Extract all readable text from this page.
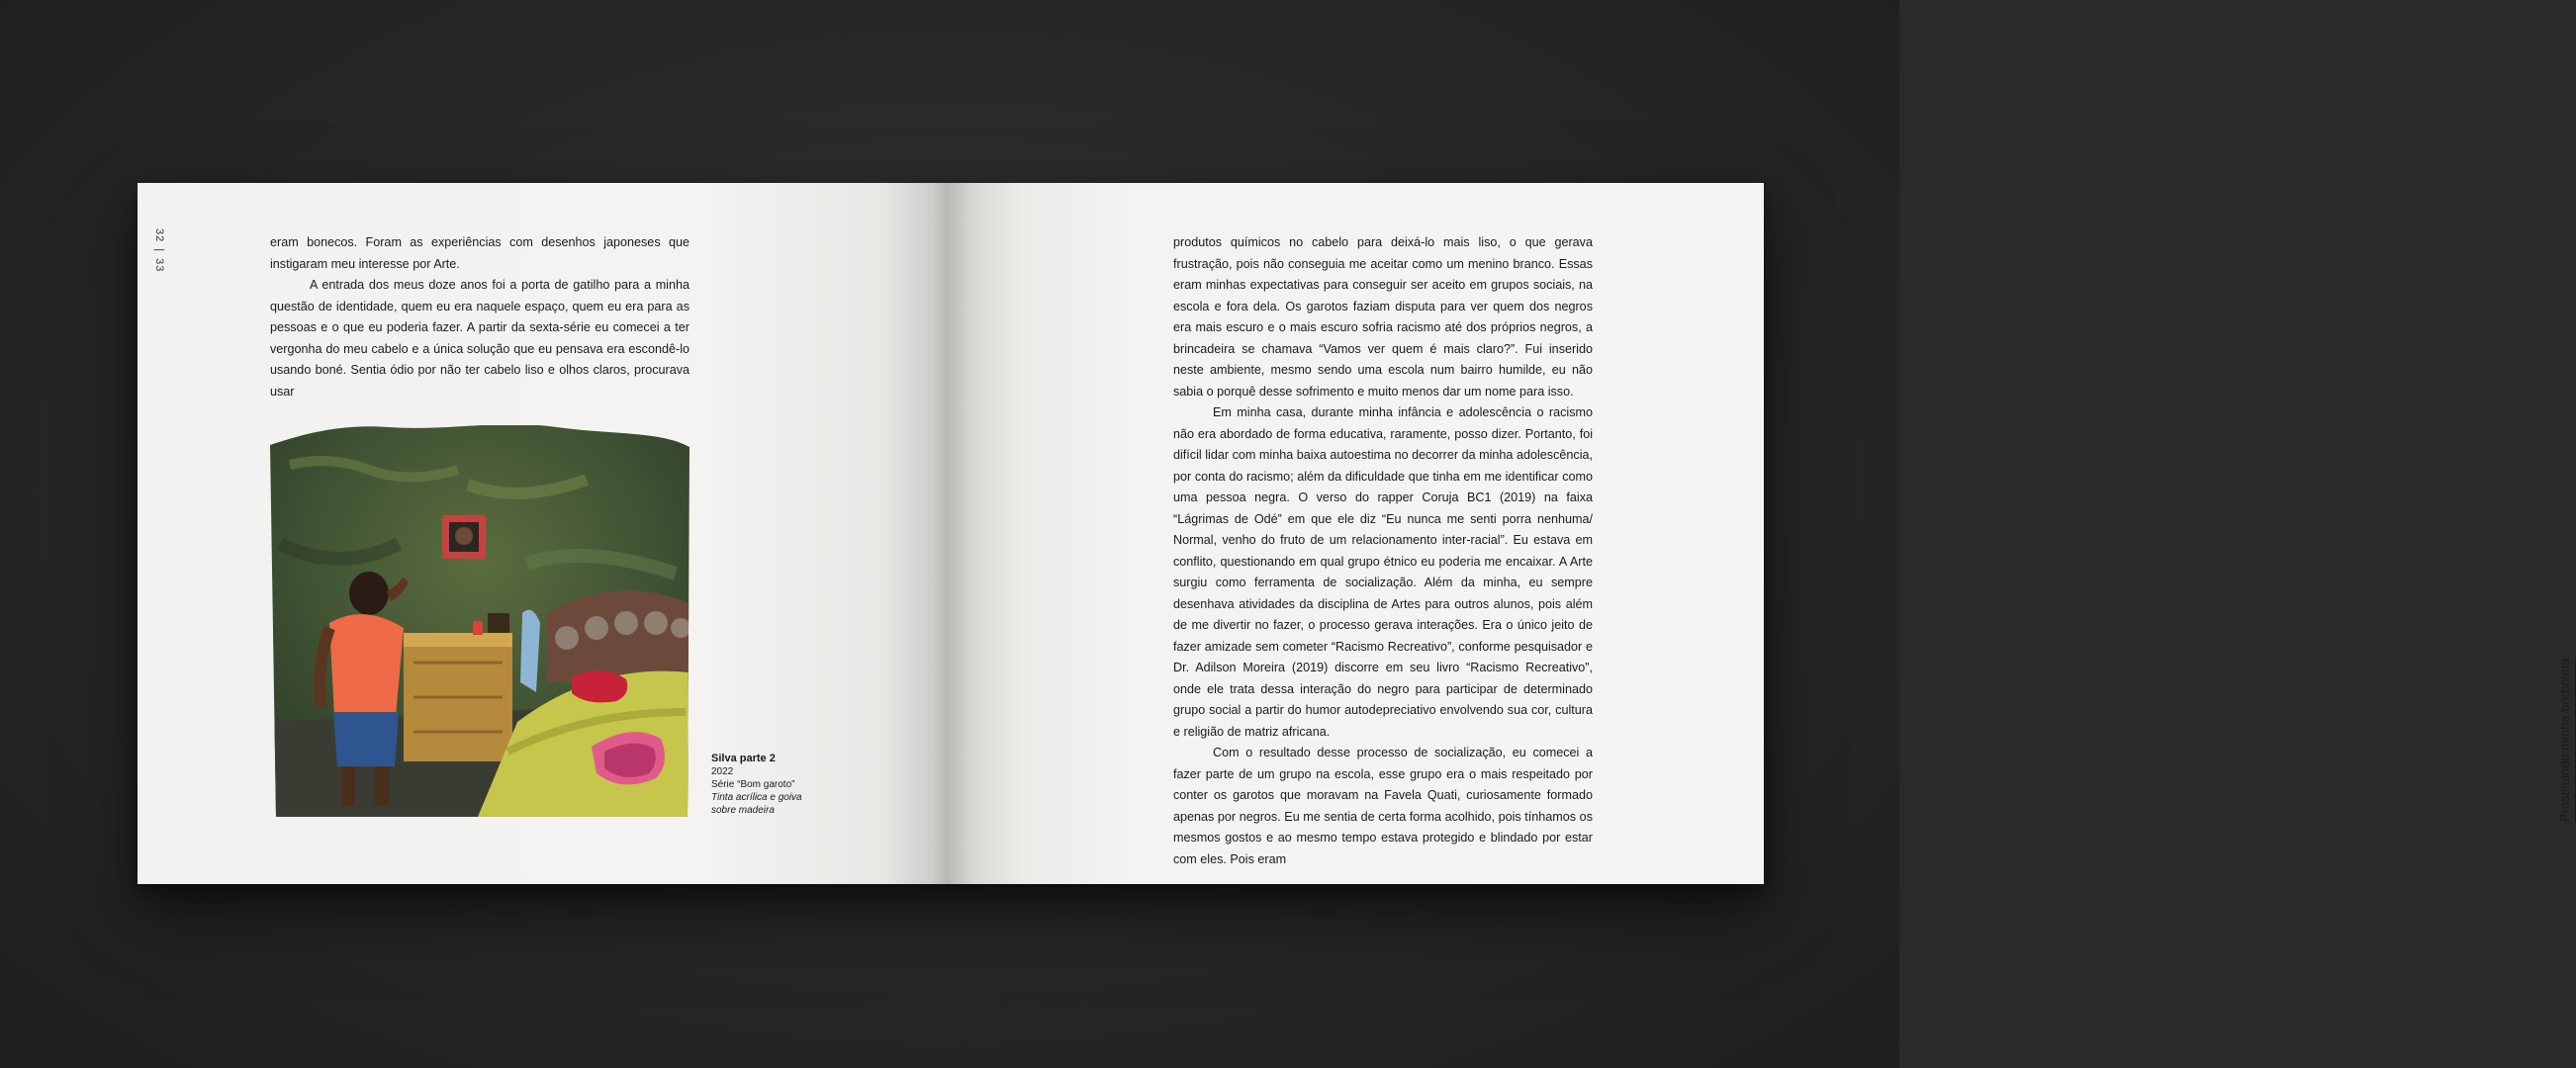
32|33

eram bonecos. Foram as experiências com desenhos japoneses que instigaram meu interesse por Arte.

A entrada dos meus doze anos foi a porta de gatilho para a minha questão de identidade, quem eu era naquele espaço, quem eu era para as pessoas e o que eu poderia fazer. A partir da sexta-série eu comecei a ter vergonha do meu cabelo e a única solução que eu pensava era escondê-lo usando boné. Sentia ódio por não ter cabelo liso e olhos claros, procurava usar

Silva parte 2
2022
Série “Bom garoto”
Tinta acrílica e goiva
sobre madeira

produtos químicos no cabelo para deixá-lo mais liso, o que gerava frustração, pois não conseguia me aceitar como um menino branco. Essas eram minhas expectativas para conseguir ser aceito em grupos sociais, na escola e fora dela. Os garotos faziam disputa para ver quem dos negros era mais escuro e o mais escuro sofria racismo até dos próprios negros, a brincadeira se chamava “Vamos ver quem é mais claro?”. Fui inserido neste ambiente, mesmo sendo uma escola num bairro humilde, eu não sabia o porquê desse sofrimento e muito menos dar um nome para isso.

Em minha casa, durante minha infância e adolescência o racismo não era abordado de forma educativa, raramente, posso dizer. Portanto, foi difícil lidar com minha baixa autoestima no decorrer da minha adolescência, por conta do racismo; além da dificuldade que tinha em me identificar como uma pessoa negra. O verso do rapper Coruja BC1 (2019) na faixa “Lágrimas de Odé” em que ele diz “Eu nunca me senti porra nenhuma/ Normal, venho do fruto de um relacionamento inter-racial”. Eu estava em conflito, questionando em qual grupo étnico eu poderia me encaixar. A Arte surgiu como ferramenta de socialização. Além da minha, eu sempre desenhava atividades da disciplina de Artes para outros alunos, pois além de me divertir no fazer, o processo gerava interações. Era o único jeito de fazer amizade sem cometer “Racismo Recreativo”, conforme pesquisador e Dr. Adilson Moreira (2019) discorre em seu livro “Racismo Recreativo”, onde ele trata dessa interação do negro para participar de determinado grupo social a partir do humor autodepreciativo envolvendo sua cor, cultura e religião de matriz africana.

Com o resultado desse processo de socialização, eu comecei a fazer parte de um grupo na escola, esse grupo era o mais respeitado por conter os garotos que moravam na Favela Quati, curiosamente formado apenas por negros. Eu me sentia de certa forma acolhido, pois tínhamos os mesmos gostos e ao mesmo tempo estava protegido e blindado por estar com eles. Pois eram

Prostituindo minha borboleta
